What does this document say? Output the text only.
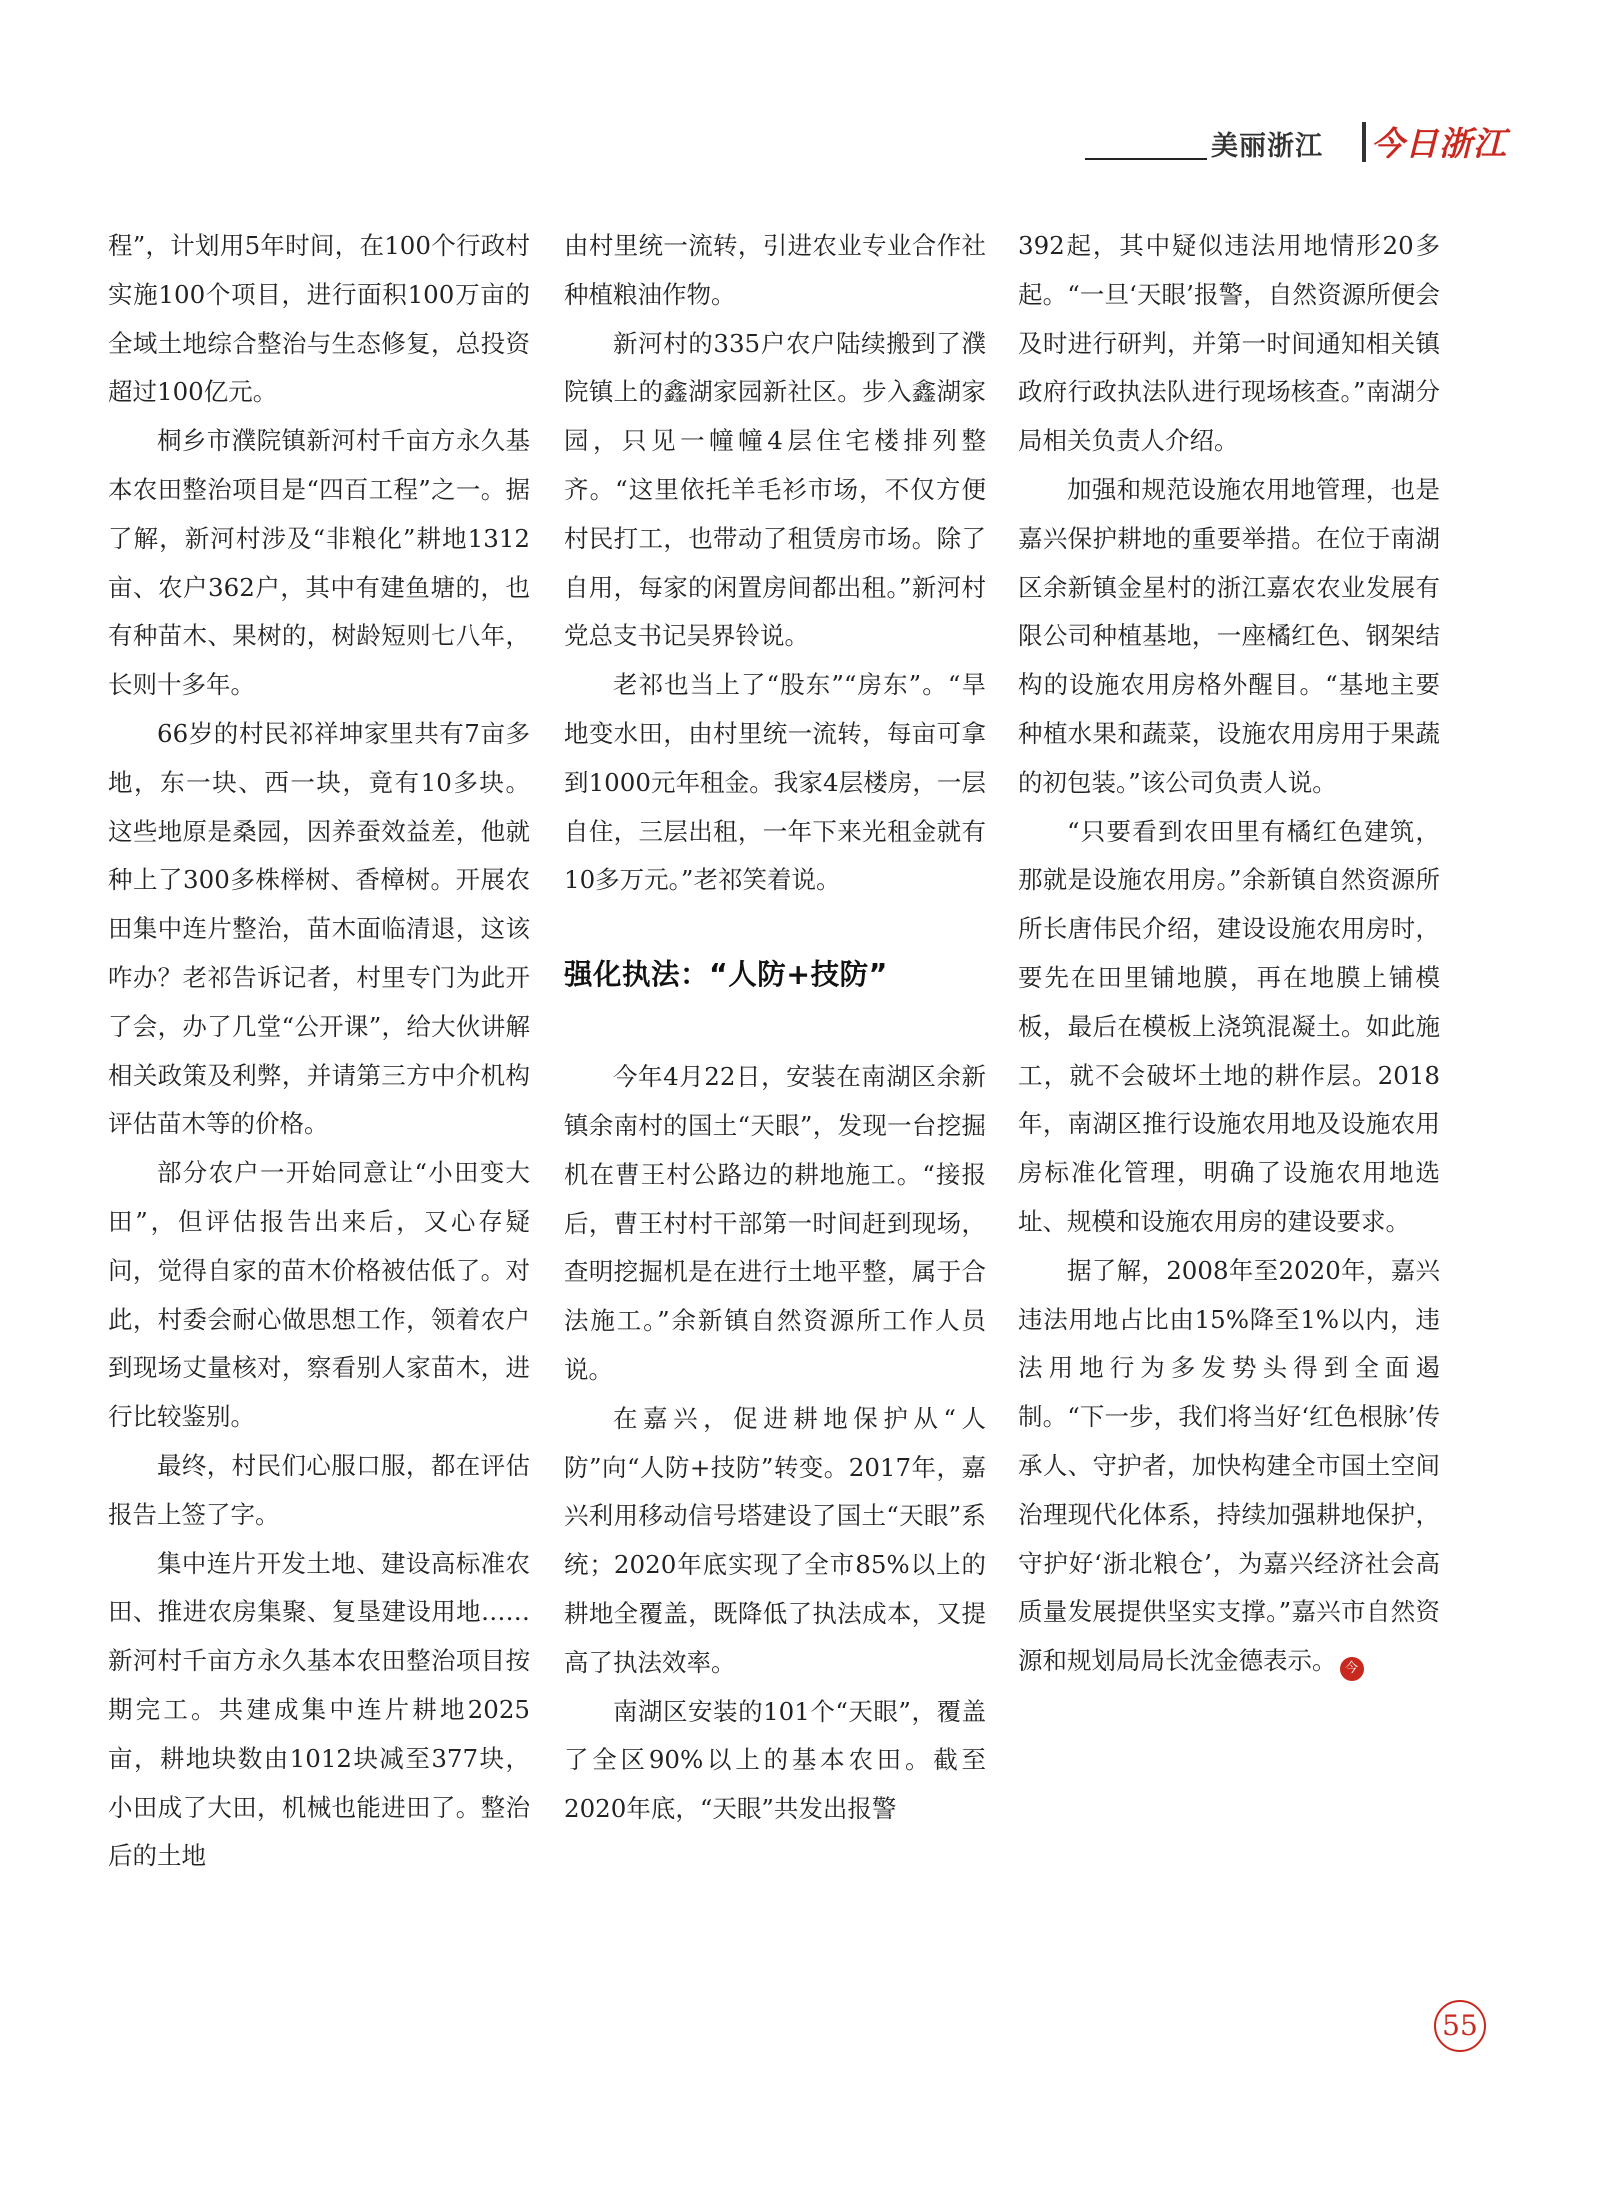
美丽浙江 今日浙江

程”，计划用5年时间，在100个行政村实施100个项目，进行面积100万亩的全域土地综合整治与生态修复，总投资超过100亿元。

桐乡市濮院镇新河村千亩方永久基本农田整治项目是“四百工程”之一。据了解，新河村涉及“非粮化”耕地1312亩、农户362户，其中有建鱼塘的，也有种苗木、果树的，树龄短则七八年，长则十多年。

66岁的村民祁祥坤家里共有7亩多地，东一块、西一块，竟有10多块。这些地原是桑园，因养蚕效益差，他就种上了300多株榉树、香樟树。开展农田集中连片整治，苗木面临清退，这该咋办？老祁告诉记者，村里专门为此开了会，办了几堂“公开课”，给大伙讲解相关政策及利弊，并请第三方中介机构评估苗木等的价格。

部分农户一开始同意让“小田变大田”，但评估报告出来后，又心存疑问，觉得自家的苗木价格被估低了。对此，村委会耐心做思想工作，领着农户到现场丈量核对，察看别人家苗木，进行比较鉴别。

最终，村民们心服口服，都在评估报告上签了字。

集中连片开发土地、建设高标准农田、推进农房集聚、复垦建设用地……新河村千亩方永久基本农田整治项目按期完工。共建成集中连片耕地2025亩，耕地块数由1012块减至377块，小田成了大田，机械也能进田了。整治后的土地

由村里统一流转，引进农业专业合作社种植粮油作物。

新河村的335户农户陆续搬到了濮院镇上的鑫湖家园新社区。步入鑫湖家园，只见一幢幢4层住宅楼排列整齐。“这里依托羊毛衫市场，不仅方便村民打工，也带动了租赁房市场。除了自用，每家的闲置房间都出租。”新河村党总支书记吴界铃说。

老祁也当上了“股东”“房东”。“旱地变水田，由村里统一流转，每亩可拿到1000元年租金。我家4层楼房，一层自住，三层出租，一年下来光租金就有10多万元。”老祁笑着说。

强化执法：“人防+技防”

今年4月22日，安装在南湖区余新镇余南村的国土“天眼”，发现一台挖掘机在曹王村公路边的耕地施工。“接报后，曹王村村干部第一时间赶到现场，查明挖掘机是在进行土地平整，属于合法施工。”余新镇自然资源所工作人员说。

在嘉兴，促进耕地保护从“人防”向“人防+技防”转变。2017年，嘉兴利用移动信号塔建设了国土“天眼”系统；2020年底实现了全市85%以上的耕地全覆盖，既降低了执法成本，又提高了执法效率。

南湖区安装的101个“天眼”，覆盖了全区90%以上的基本农田。截至2020年底，“天眼”共发出报警

392起，其中疑似违法用地情形20多起。“一旦‘天眼’报警，自然资源所便会及时进行研判，并第一时间通知相关镇政府行政执法队进行现场核查。”南湖分局相关负责人介绍。

加强和规范设施农用地管理，也是嘉兴保护耕地的重要举措。在位于南湖区余新镇金星村的浙江嘉农农业发展有限公司种植基地，一座橘红色、钢架结构的设施农用房格外醒目。“基地主要种植水果和蔬菜，设施农用房用于果蔬的初包装。”该公司负责人说。

“只要看到农田里有橘红色建筑，那就是设施农用房。”余新镇自然资源所所长唐伟民介绍，建设设施农用房时，要先在田里铺地膜，再在地膜上铺模板，最后在模板上浇筑混凝土。如此施工，就不会破坏土地的耕作层。2018年，南湖区推行设施农用地及设施农用房标准化管理，明确了设施农用地选址、规模和设施农用房的建设要求。

据了解，2008年至2020年，嘉兴违法用地占比由15%降至1%以内，违法用地行为多发势头得到全面遏制。“下一步，我们将当好‘红色根脉’传承人、守护者，加快构建全市国土空间治理现代化体系，持续加强耕地保护，守护好‘浙北粮仓’，为嘉兴经济社会高质量发展提供坚实支撑。”嘉兴市自然资源和规划局局长沈金德表示。 今

55
